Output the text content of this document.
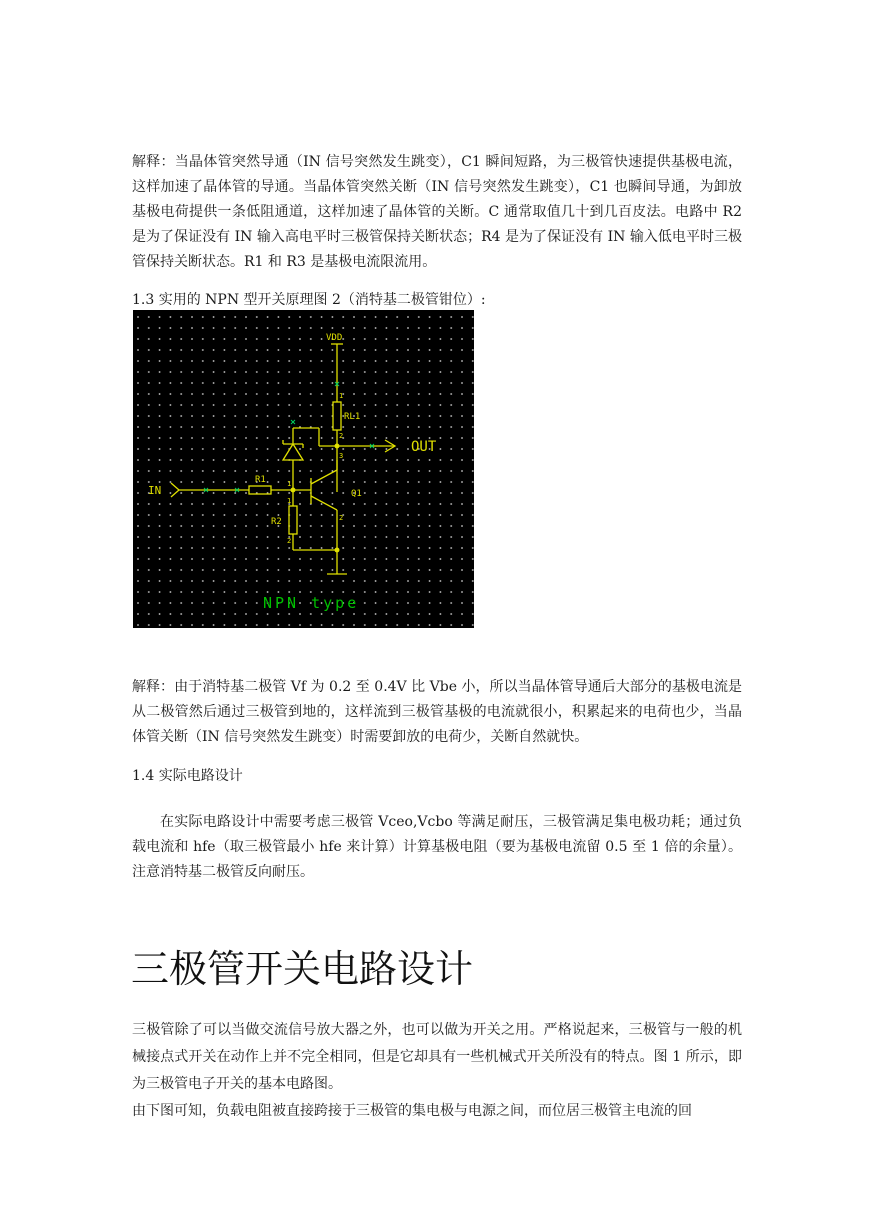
解释：当晶体管突然导通（IN 信号突然发生跳变），C1 瞬间短路，为三极管快速提供基极电流，这样加速了晶体管的导通。当晶体管突然关断（IN 信号突然发生跳变），C1 也瞬间导通，为卸放基极电荷提供一条低阻通道，这样加速了晶体管的关断。C 通常取值几十到几百皮法。电路中 R2 是为了保证没有 IN 输入高电平时三极管保持关断状态；R4 是为了保证没有 IN 输入低电平时三极管保持关断状态。R1 和 R3 是基极电流限流用。
1.3 实用的 NPN 型开关原理图 2（消特基二极管钳位）:
VDD
RL1
R1
R2
Q1
IN
OUT
1
2
3
1
1
2
2
NPN type
解释：由于消特基二极管 Vf 为 0.2 至 0.4V 比 Vbe 小，所以当晶体管导通后大部分的基极电流是从二极管然后通过三极管到地的，这样流到三极管基极的电流就很小，积累起来的电荷也少，当晶体管关断（IN 信号突然发生跳变）时需要卸放的电荷少，关断自然就快。
1.4 实际电路设计
在实际电路设计中需要考虑三极管 Vceo,Vcbo 等满足耐压，三极管满足集电极功耗；通过负载电流和 hfe（取三极管最小 hfe 来计算）计算基极电阻（要为基极电流留 0.5 至 1 倍的余量）。注意消特基二极管反向耐压。
三极管开关电路设计
三极管除了可以当做交流信号放大器之外，也可以做为开关之用。严格说起来，三极管与一般的机械接点式开关在动作上并不完全相同，但是它却具有一些机械式开关所没有的特点。图 1 所示，即为三极管电子开关的基本电路图。
由下图可知，负载电阻被直接跨接于三极管的集电极与电源之间，而位居三极管主电流的回
